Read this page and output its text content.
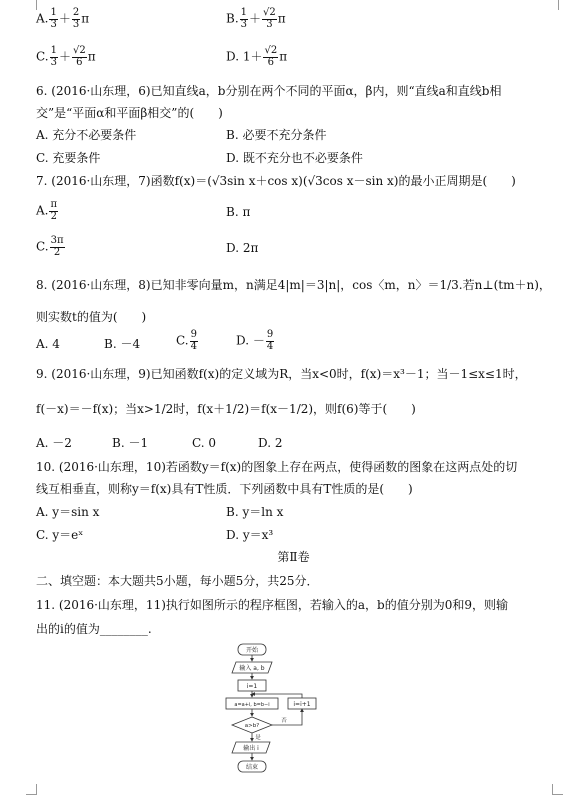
A. $\frac{1}{3} + \frac{2}{3}$ π	B. $\frac{1}{3} + \frac{√2}{3}$ π
C. $\frac{1}{3} + \frac{√2}{6}$ π	D. $1+ \frac{√2}{6}$ π
6. (2016·山东理，6)已知直线a，b分别在两个不同的平面α，β内，则“直线a和直线b相
交”是“平面α和平面β相交”的(　　)
A. 充分不必要条件	B. 必要不充分条件
C. 充要条件	D. 既不充分也不必要条件
7. (2016·山东理，7)函数f(x)＝(√3sin x＋cos x)(√3cos x－sin x)的最小正周期是(　　)
A. $\frac{\pi}{2}$	B. π
C. $\frac{3\pi}{2}$	D. 2π
8. (2016·山东理，8)已知非零向量m，n满足4|m|＝3|n|，cos〈m，n〉＝1/3.若n⊥(tm＋n)，
则实数t的值为(　　)
A. 4	B. －4	C. $\frac{9}{4}$	D. － $\frac{9}{4}$
9. (2016·山东理，9)已知函数f(x)的定义域为R，当x<0时，f(x)＝x³－1；当－1≤x≤1时，
f(－x)＝－f(x)；当x>1/2时，f(x＋1/2)＝f(x－1/2)，则f(6)等于(　　)
A. －2	B. －1	C. 0	D. 2
10. (2016·山东理，10)若函数y＝f(x)的图象上存在两点，使得函数的图象在这两点处的切
线互相垂直，则称y＝f(x)具有T性质．下列函数中具有T性质的是(　　)
A. y＝sin x	B. y＝ln x
C. y＝eˣ	D. y＝x³
第Ⅱ卷
二、填空题：本大题共5小题，每小题5分，共25分．
11. (2016·山东理，11)执行如图所示的程序框图，若输入的a，b的值分别为0和9，则输
出的i的值为________.
开始
输入 a, b
i=1
a=a+i, b=b−i	i=i+1
a>b?
否
是
输出 i
结束
